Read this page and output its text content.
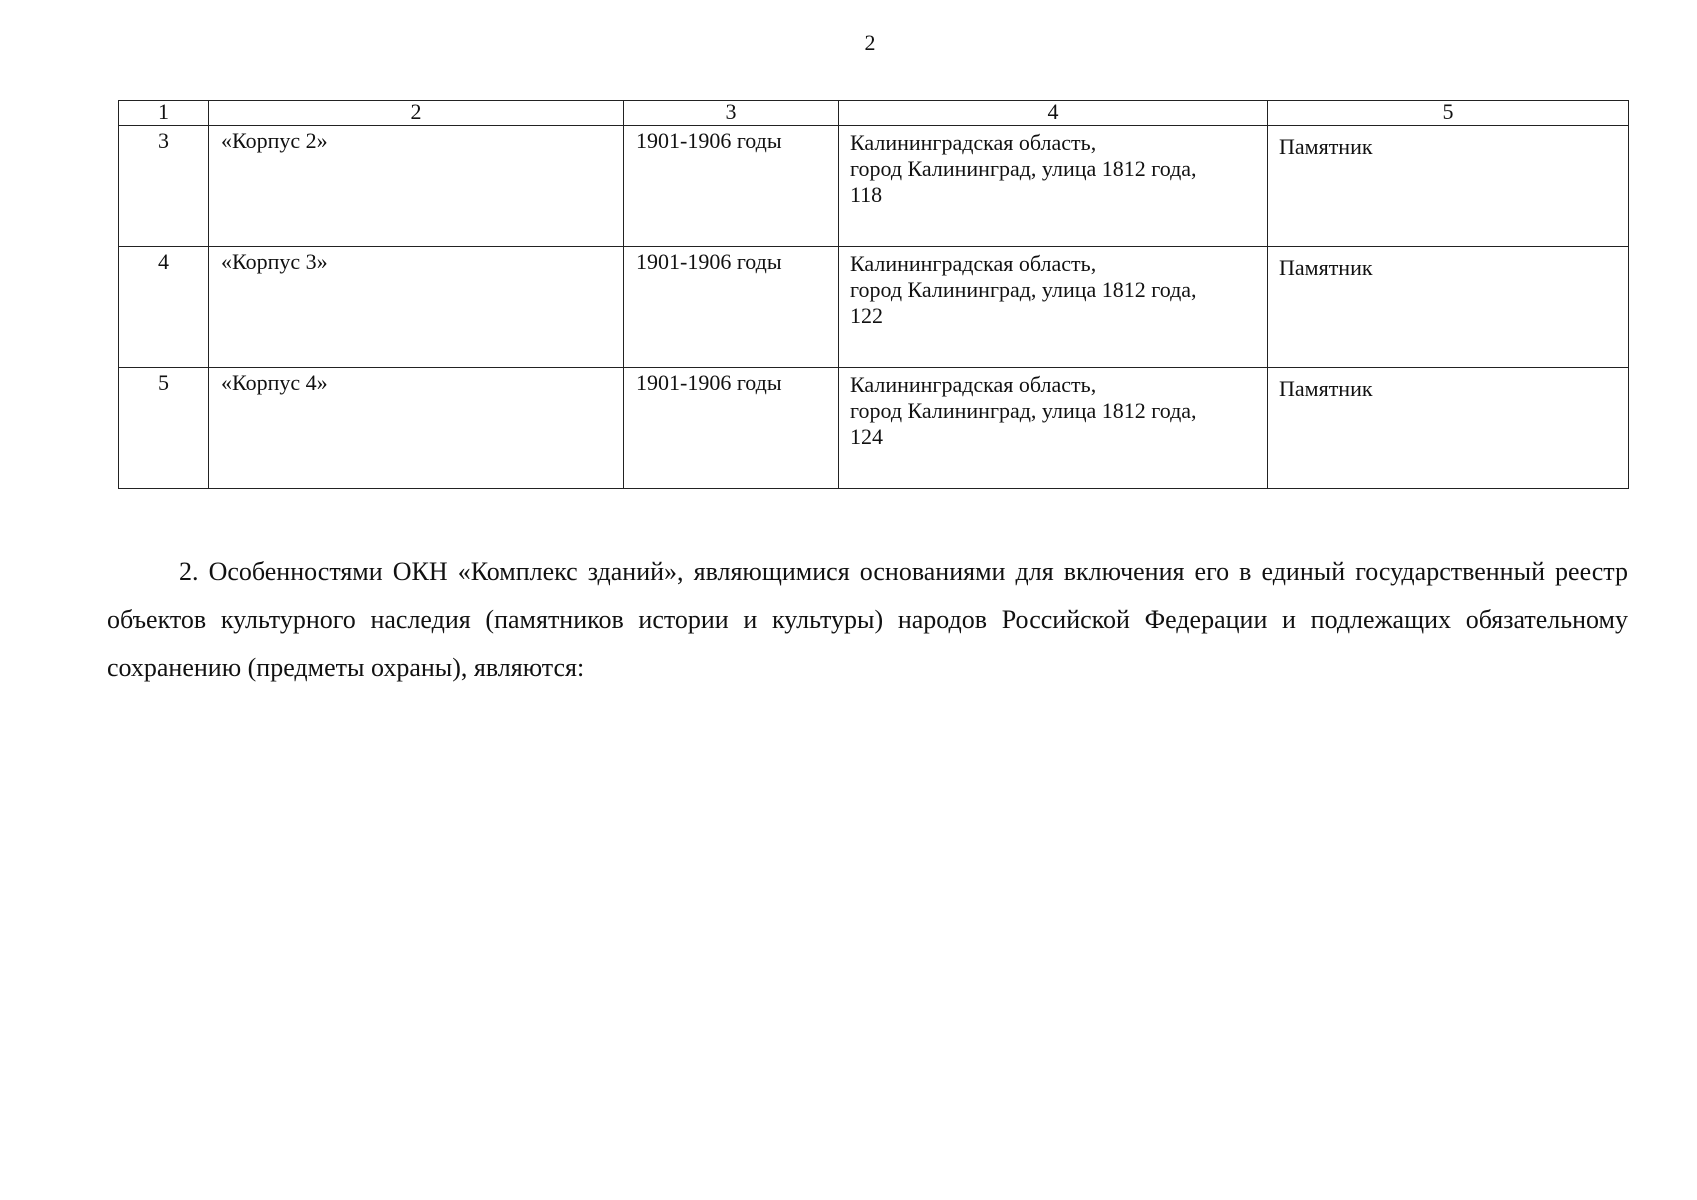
2
1	2	3	4	5
3	«Корпус 2»	1901-1906 годы	Калининградская область,
город Калининград, улица 1812 года,
118	Памятник
4	«Корпус 3»	1901-1906 годы	Калининградская область,
город Калининград, улица 1812 года,
122	Памятник
5	«Корпус 4»	1901-1906 годы	Калининградская область,
город Калининград, улица 1812 года,
124	Памятник

2. Особенностями ОКН «Комплекс зданий», являющимися основаниями для включения его в единый государственный реестр объектов культурного наследия (памятников истории и культуры) народов Российской Федерации и подлежащих обязательному сохранению (предметы охраны), являются:
